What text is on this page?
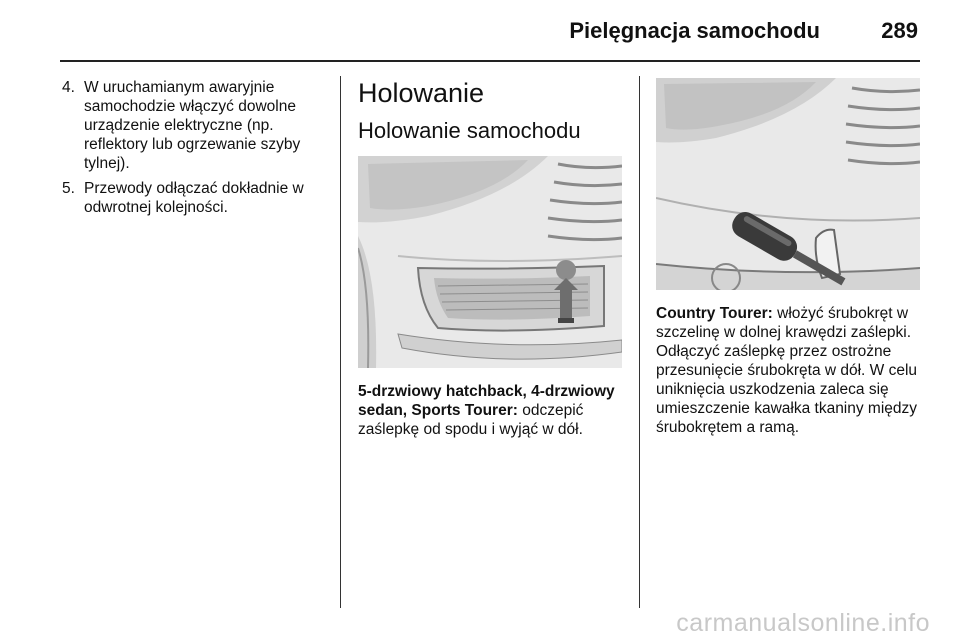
Pielęgnacja samochodu	289
4. W uruchamianym awaryjnie samochodzie włączyć dowolne urządzenie elektryczne (np. reflektory lub ogrzewanie szyby tylnej).
5. Przewody odłączać dokładnie w odwrotnej kolejności.
Holowanie
Holowanie samochodu
5-drzwiowy hatchback, 4-drzwiowy sedan, Sports Tourer: odczepić zaślepkę od spodu i wyjąć w dół.
Country Tourer: włożyć śrubokręt w szczelinę w dolnej krawędzi zaślepki. Odłączyć zaślepkę przez ostrożne przesunięcie śrubokręta w dół. W celu uniknięcia uszkodzenia zaleca się umieszczenie kawałka tkaniny między śrubokrętem a ramą.
carmanualsonline.info
